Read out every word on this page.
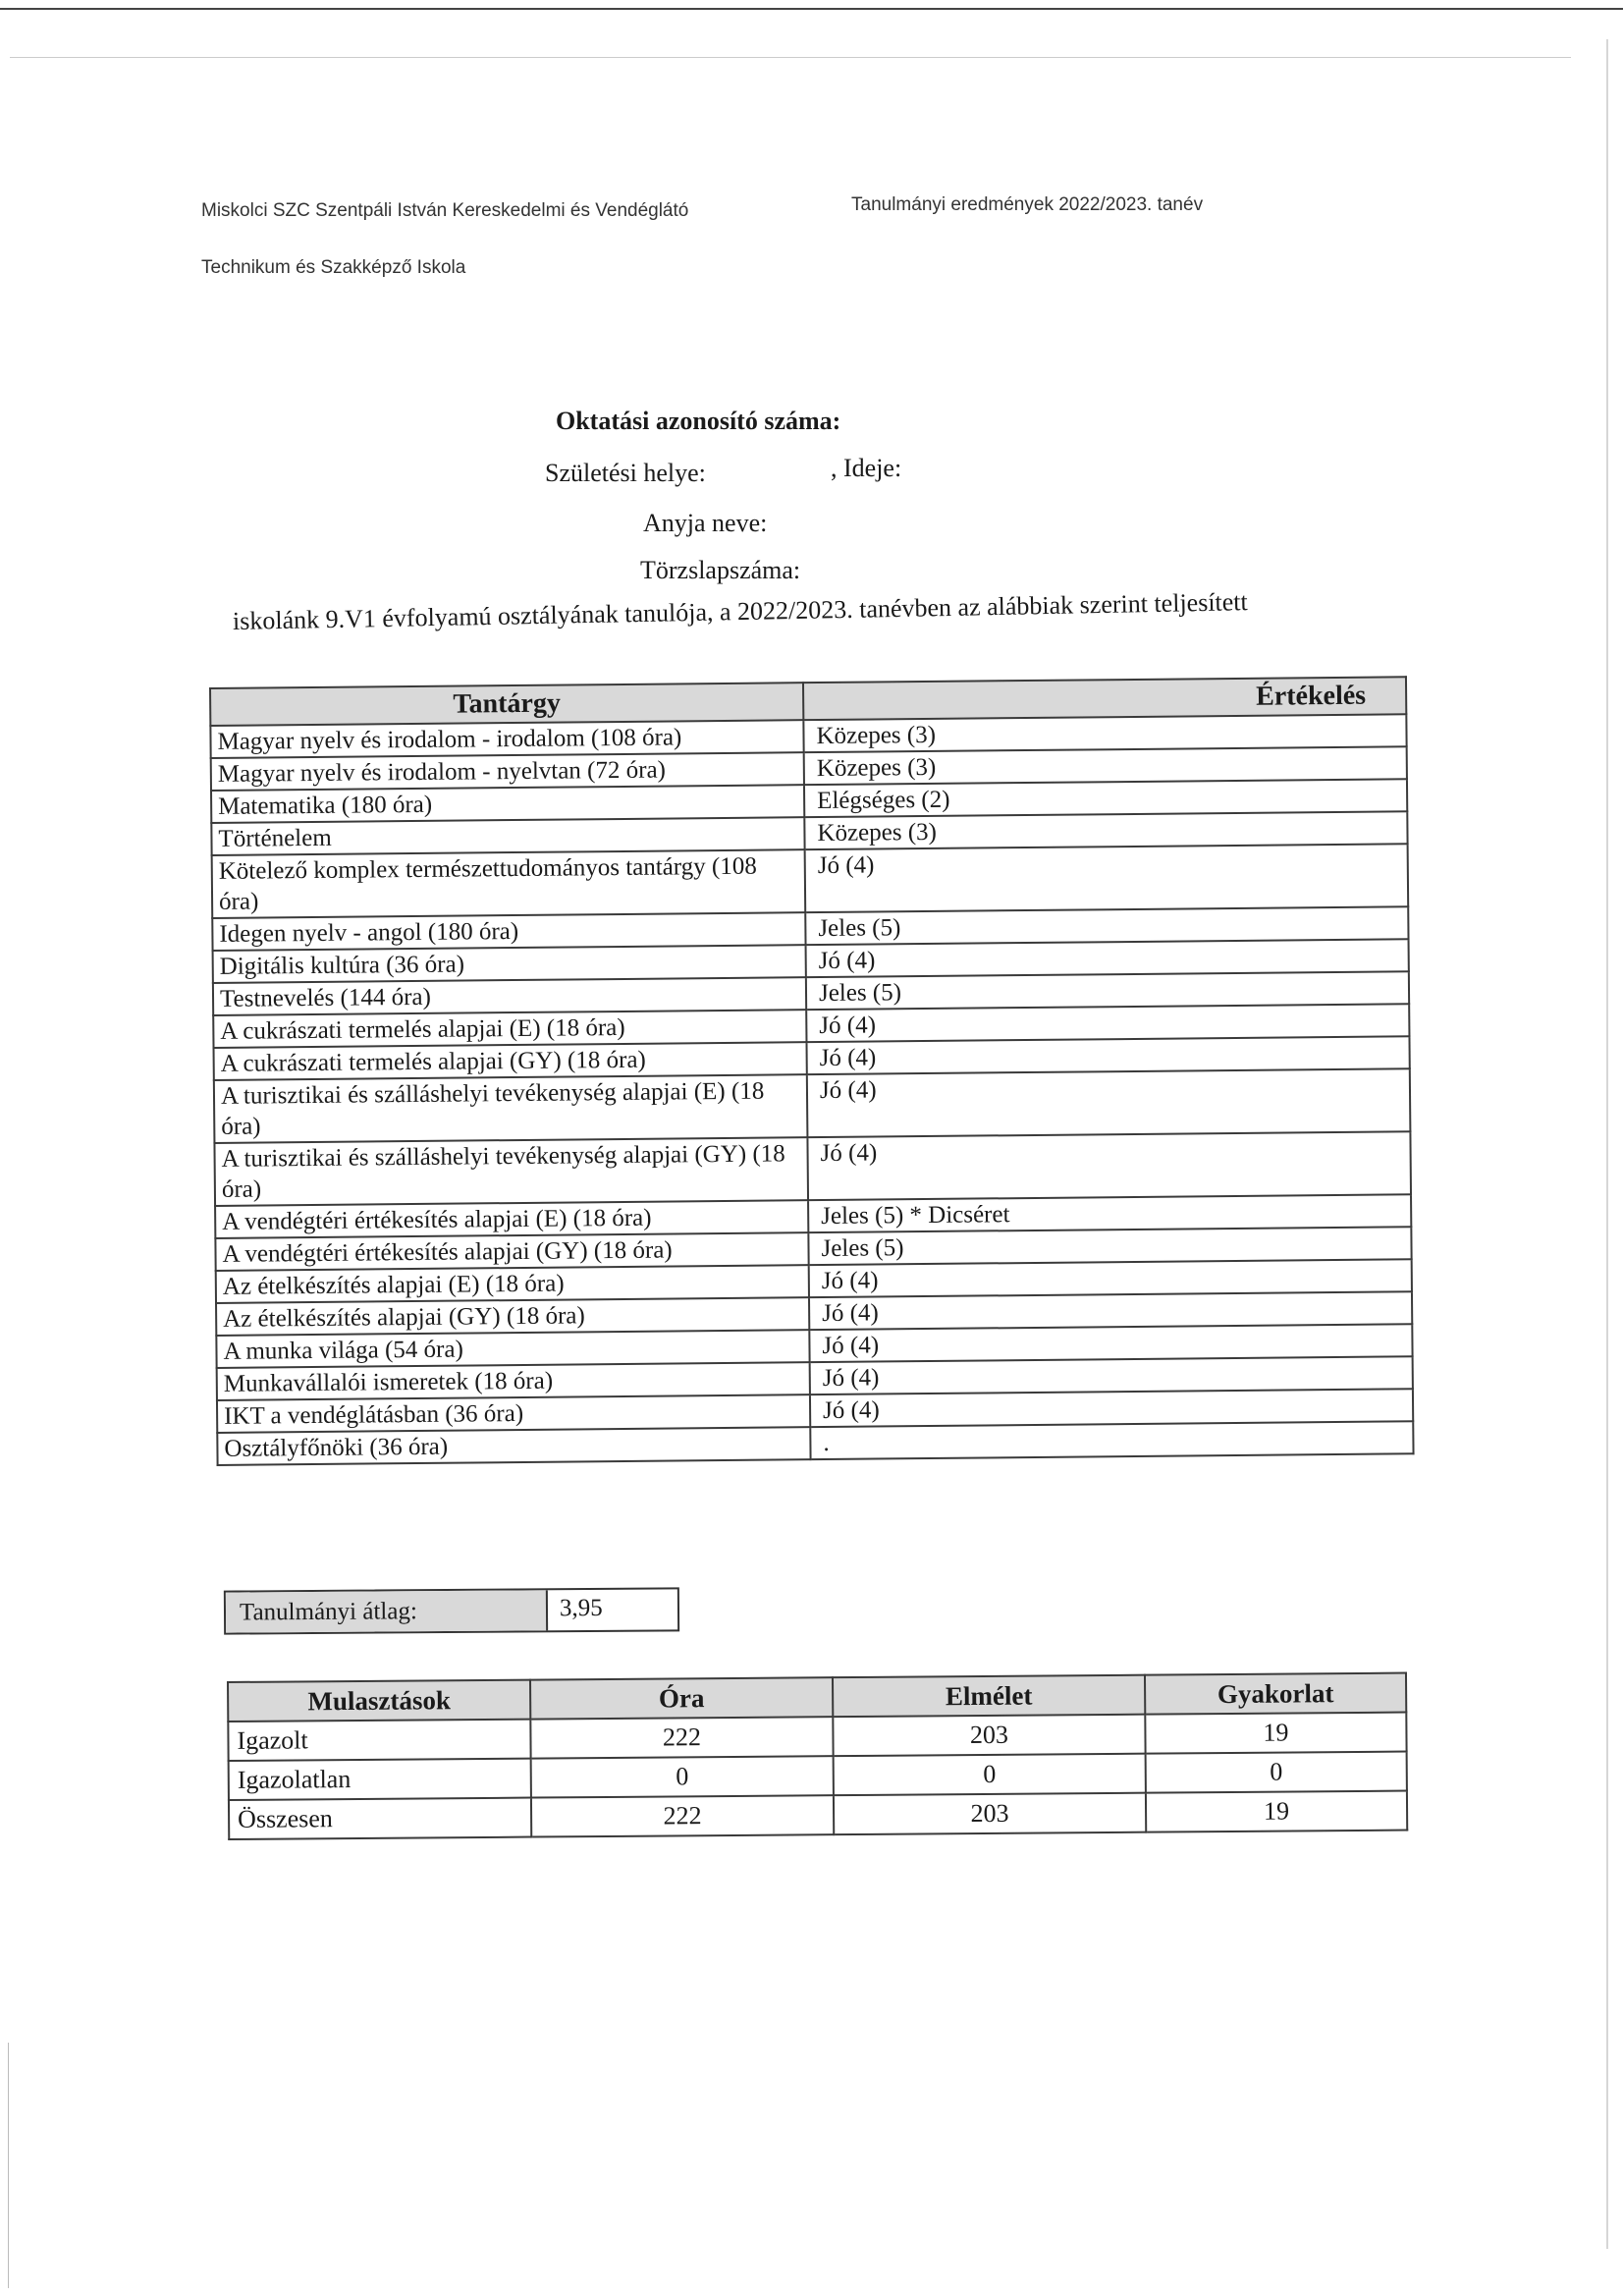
Miskolci SZC Szentpáli István Kereskedelmi és Vendéglátó
Technikum és Szakképző Iskola
Tanulmányi eredmények 2022/2023. tanév
Oktatási azonosító száma:
Születési helye:	, Ideje:
Anyja neve:
Törzslapszáma:
iskolánk 9.V1 évfolyamú osztályának tanulója, a 2022/2023. tanévben az alábbiak szerint teljesített
Tantárgy	Értékelés
Magyar nyelv és irodalom - irodalom (108 óra)	Közepes (3)
Magyar nyelv és irodalom - nyelvtan (72 óra)	Közepes (3)
Matematika (180 óra)	Elégséges (2)
Történelem	Közepes (3)
Kötelező komplex természettudományos tantárgy (108 óra)	Jó (4)
Idegen nyelv - angol (180 óra)	Jeles (5)
Digitális kultúra (36 óra)	Jó (4)
Testnevelés (144 óra)	Jeles (5)
A cukrászati termelés alapjai (E) (18 óra)	Jó (4)
A cukrászati termelés alapjai (GY) (18 óra)	Jó (4)
A turisztikai és szálláshelyi tevékenység alapjai (E) (18 óra)	Jó (4)
A turisztikai és szálláshelyi tevékenység alapjai (GY) (18 óra)	Jó (4)
A vendégtéri értékesítés alapjai (E) (18 óra)	Jeles (5) * Dicséret
A vendégtéri értékesítés alapjai (GY) (18 óra)	Jeles (5)
Az ételkészítés alapjai (E) (18 óra)	Jó (4)
Az ételkészítés alapjai (GY) (18 óra)	Jó (4)
A munka világa (54 óra)	Jó (4)
Munkavállalói ismeretek (18 óra)	Jó (4)
IKT a vendéglátásban (36 óra)	Jó (4)
Osztályfőnöki (36 óra)	.
Tanulmányi átlag:	3,95
Mulasztások	Óra	Elmélet	Gyakorlat
Igazolt	222	203	19
Igazolatlan	0	0	0
Összesen	222	203	19
